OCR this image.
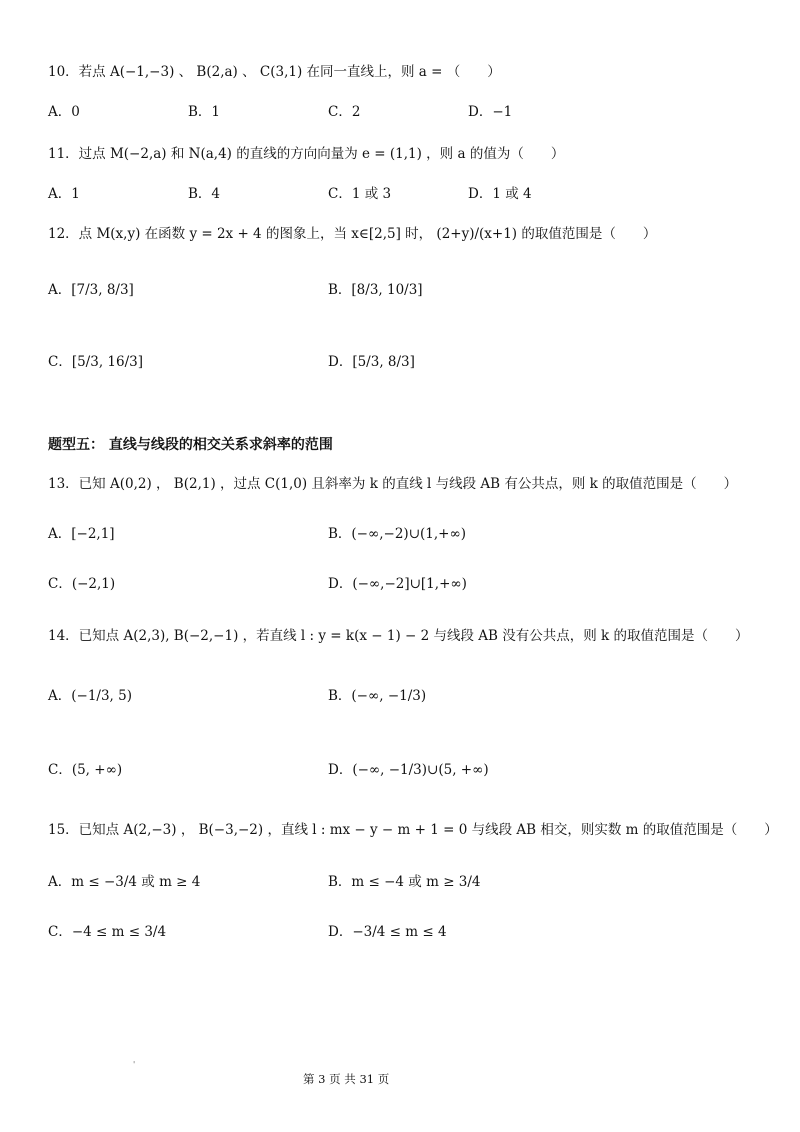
10．若点 A(−1,−3) 、 B(2,a) 、 C(3,1) 在同一直线上，则 a = （　　）
A．0	B．1	C．2	D．−1
11．过点 M(−2,a) 和 N(a,4) 的直线的方向向量为 e = (1,1) ，则 a 的值为（　　）
A．1	B．4	C．1 或 3	D．1 或 4
12．点 M(x,y) 在函数 y = 2x + 4 的图象上，当 x∈[2,5] 时， (2+y)/(x+1) 的取值范围是（　　）
A．[7/3, 8/3]	B．[8/3, 10/3]
C．[5/3, 16/3]	D．[5/3, 8/3]
题型五： 直线与线段的相交关系求斜率的范围
13．已知 A(0,2) ， B(2,1) ，过点 C(1,0) 且斜率为 k 的直线 l 与线段 AB 有公共点，则 k 的取值范围是（　　）
A．[−2,1]	B．(−∞,−2)∪(1,+∞)
C．(−2,1)	D．(−∞,−2]∪[1,+∞)
14．已知点 A(2,3), B(−2,−1) ，若直线 l : y = k(x − 1) − 2 与线段 AB 没有公共点，则 k 的取值范围是（　　）
A．(−1/3, 5)	B．(−∞, −1/3)
C．(5, +∞)	D．(−∞, −1/3)∪(5, +∞)
15．已知点 A(2,−3) ， B(−3,−2) ，直线 l : mx − y − m + 1 = 0 与线段 AB 相交，则实数 m 的取值范围是（　　）
A．m ≤ −3/4 或 m ≥ 4	B．m ≤ −4 或 m ≥ 3/4
C．−4 ≤ m ≤ 3/4	D．−3/4 ≤ m ≤ 4
'
第 3 页 共 31 页
